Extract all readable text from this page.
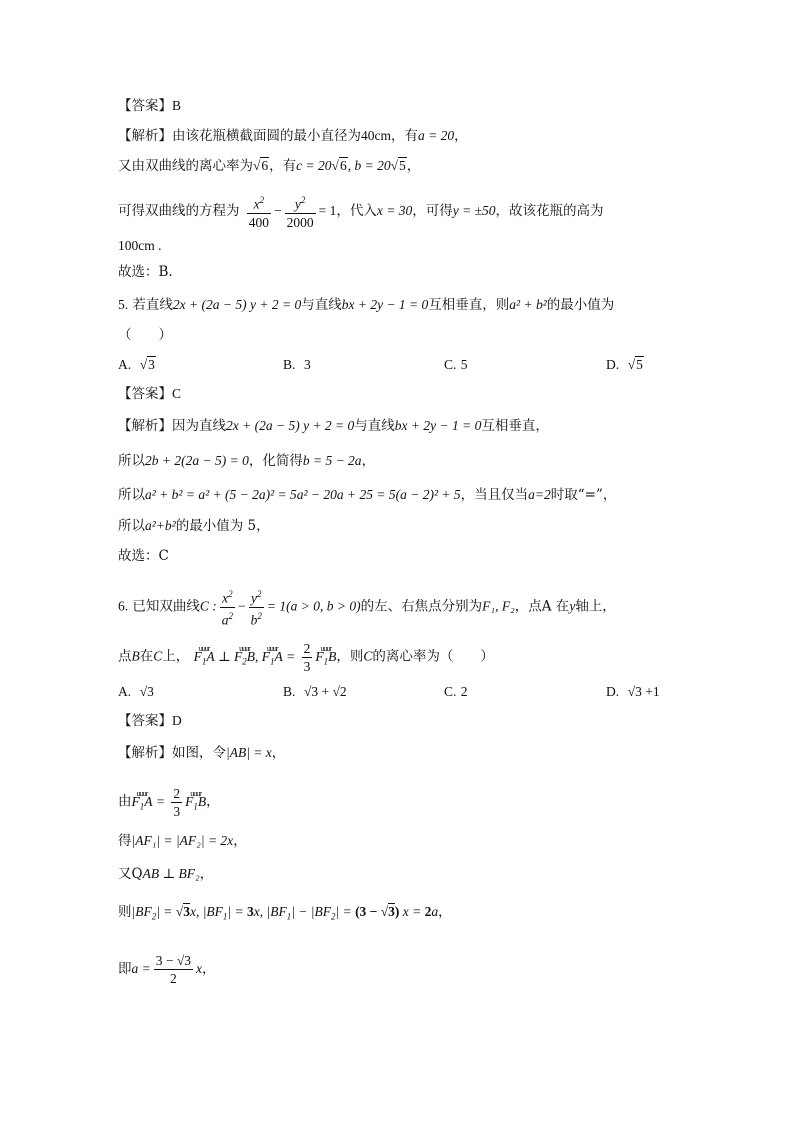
【答案】B
【解析】由该花瓶横截面圆的最小直径为40cm，有a = 20，
又由双曲线的离心率为√6，有c = 20√6, b = 20√5，
可得双曲线的方程为 $\frac{x^2}{400} - \frac{y^2}{2000} = 1$，代入x = 30，可得y = ±50，故该花瓶的高为
100cm .
故选：B.
5. 若直线2x + (2a − 5) y + 2 = 0与直线bx + 2y − 1 = 0互相垂直，则a² + b²的最小值为
（　　）
A. √3	B. 3	C. 5	D. √5
【答案】C
【解析】因为直线2x + (2a − 5) y + 2 = 0与直线bx + 2y − 1 = 0互相垂直，
所以2b + 2(2a − 5) = 0，化简得b = 5 − 2a，
所以a² + b² = a² + (5 − 2a)² = 5a² − 20a + 25 = 5(a − 2)² + 5，当且仅当a=2时取“=”，
所以a²+b²的最小值为 5，
故选：C
6. 已知双曲线C : $\frac{x^2}{a^2} - \frac{y^2}{b^2} = 1(a > 0$, b > 0)的左、右焦点分别为F₁, F₂，点A 在y轴上，
点B在C上，
uuur
$F_1A$ ⊥
uuur
$F_2B$,
uuur
$F_1A = \frac{2}{3}$	uuur
$F_1B$，则C的离心率为（　　）
A. √3	B. √3 + √2	C. 2	D. √3 +1
【答案】D
【解析】如图，令|AB| = x，
由
uuur
$F_1A = \frac{2}{3}$	uuur
$F_1B$，
得|AF₁| = |AF₂| = 2x，
又QAB ⊥ BF₂，
则$|BF_2| = √3x$, $|BF_1| = 3x$, $|BF_1| - |BF_2| = (3 - √3) x = 2a$，
即$a = \frac{3 - √3}{2}$ x，
